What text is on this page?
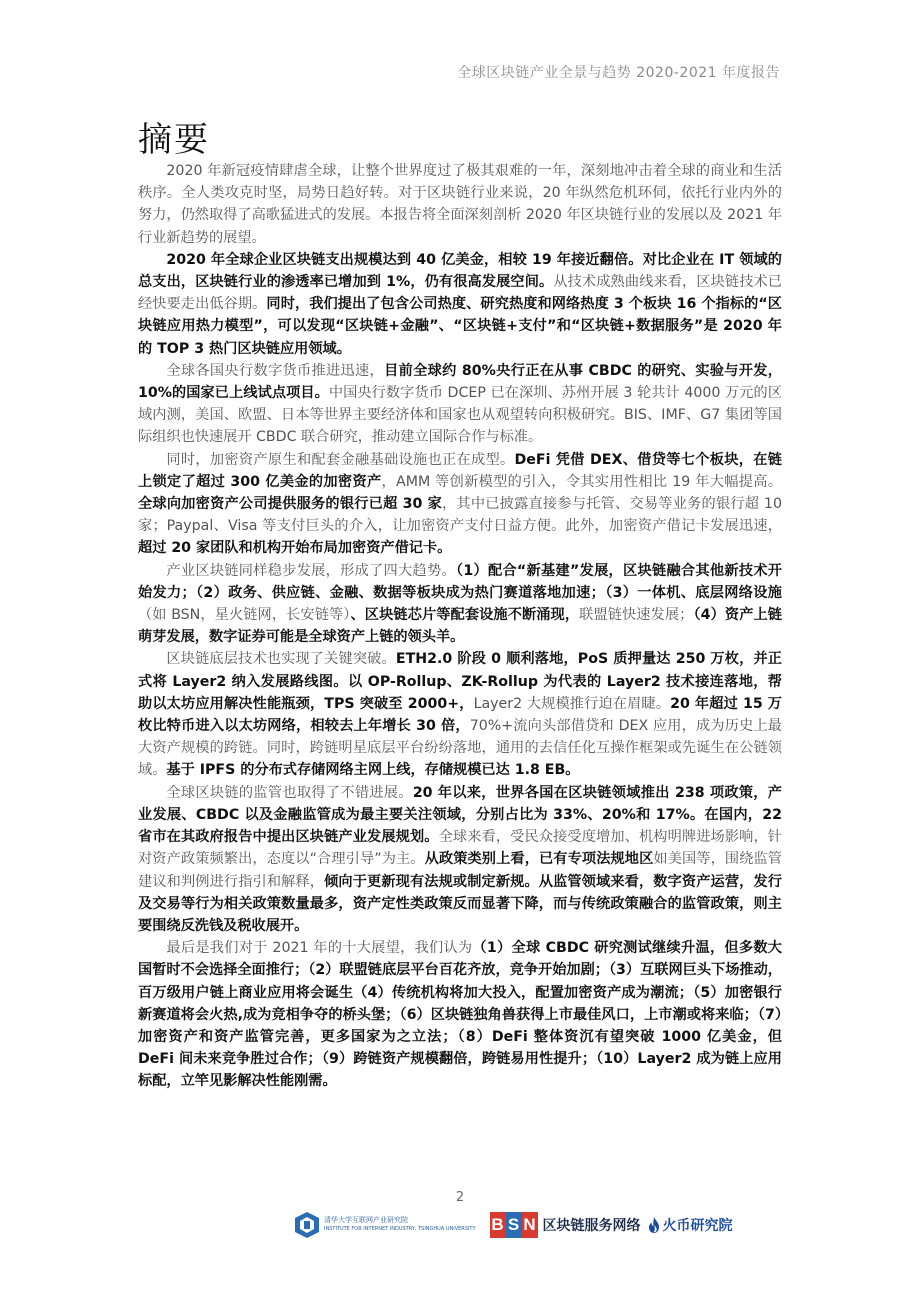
全球区块链产业全景与趋势 2020-2021 年度报告
摘要

2020 年新冠疫情肆虐全球，让整个世界度过了极其艰难的一年，深刻地冲击着全球的商业和生活秩序。全人类攻克时坚，局势日趋好转。对于区块链行业来说，20 年纵然危机环伺，依托行业内外的努力，仍然取得了高歌猛进式的发展。本报告将全面深刻剖析 2020 年区块链行业的发展以及 2021 年行业新趋势的展望。

2020 年全球企业区块链支出规模达到 40 亿美金，相较 19 年接近翻倍。对比企业在 IT 领域的总支出，区块链行业的渗透率已增加到 1%，仍有很高发展空间。从技术成熟曲线来看，区块链技术已经快要走出低谷期。同时，我们提出了包含公司热度、研究热度和网络热度 3 个板块 16 个指标的“区块链应用热力模型”，可以发现“区块链+金融”、“区块链+支付”和“区块链+数据服务”是 2020 年的 TOP 3 热门区块链应用领域。

全球各国央行数字货币推进迅速，目前全球约 80%央行正在从事 CBDC 的研究、实验与开发，10%的国家已上线试点项目。中国央行数字货币 DCEP 已在深圳、苏州开展 3 轮共计 4000 万元的区域内测，美国、欧盟、日本等世界主要经济体和国家也从观望转向积极研究。BIS、IMF、G7 集团等国际组织也快速展开 CBDC 联合研究，推动建立国际合作与标准。

同时，加密资产原生和配套金融基础设施也正在成型。DeFi 凭借 DEX、借贷等七个板块，在链上锁定了超过 300 亿美金的加密资产，AMM 等创新模型的引入，令其实用性相比 19 年大幅提高。全球向加密资产公司提供服务的银行已超 30 家，其中已披露直接参与托管、交易等业务的银行超 10 家；Paypal、Visa 等支付巨头的介入，让加密资产支付日益方便。此外，加密资产借记卡发展迅速，超过 20 家团队和机构开始布局加密资产借记卡。

产业区块链同样稳步发展，形成了四大趋势。（1）配合“新基建”发展，区块链融合其他新技术开始发力；（2）政务、供应链、金融、数据等板块成为热门赛道落地加速；（3）一体机、底层网络设施（如 BSN，星火链网，长安链等）、区块链芯片等配套设施不断涌现，联盟链快速发展；（4）资产上链萌芽发展，数字证券可能是全球资产上链的领头羊。

区块链底层技术也实现了关键突破。ETH2.0 阶段 0 顺利落地，PoS 质押量达 250 万枚，并正式将 Layer2 纳入发展路线图。以 OP-Rollup、ZK-Rollup 为代表的 Layer2 技术接连落地，帮助以太坊应用解决性能瓶颈，TPS 突破至 2000+，Layer2 大规模推行迫在眉睫。20 年超过 15 万枚比特币进入以太坊网络，相较去上年增长 30 倍，70%+流向头部借贷和 DEX 应用，成为历史上最大资产规模的跨链。同时，跨链明星底层平台纷纷落地，通用的去信任化互操作框架或先诞生在公链领域。基于 IPFS 的分布式存储网络主网上线，存储规模已达 1.8 EB。

全球区块链的监管也取得了不错进展。20 年以来，世界各国在区块链领域推出 238 项政策，产业发展、CBDC 以及金融监管成为最主要关注领域，分别占比为 33%、20%和 17%。在国内，22 省市在其政府报告中提出区块链产业发展规划。全球来看，受民众接受度增加、机构明牌进场影响，针对资产政策频繁出，态度以“合理引导”为主。从政策类别上看，已有专项法规地区如美国等，围绕监管建议和判例进行指引和解释，倾向于更新现有法规或制定新规。从监管领域来看，数字资产运营，发行及交易等行为相关政策数量最多，资产定性类政策反而显著下降，而与传统政策融合的监管政策，则主要围绕反洗钱及税收展开。

最后是我们对于 2021 年的十大展望，我们认为（1）全球 CBDC 研究测试继续升温，但多数大国暂时不会选择全面推行；（2）联盟链底层平台百花齐放，竞争开始加剧；（3）互联网巨头下场推动，百万级用户链上商业应用将会诞生（4）传统机构将加大投入，配置加密资产成为潮流；（5）加密银行新赛道将会火热,成为竞相争夺的桥头堡；（6）区块链独角兽获得上市最佳风口，上市潮或将来临；（7）加密资产和资产监管完善，更多国家为之立法；（8）DeFi 整体资沉有望突破 1000 亿美金，但 DeFi 间未来竞争胜过合作；（9）跨链资产规模翻倍，跨链易用性提升；（10）Layer2 成为链上应用标配，立竿见影解决性能刚需。

2
清华大学互联网产业研究院
INSTITUTE FOR INTERNET INDUSTRY, TSINGHUA UNIVERSITY B S N 区块链服务网络 火币研究院
